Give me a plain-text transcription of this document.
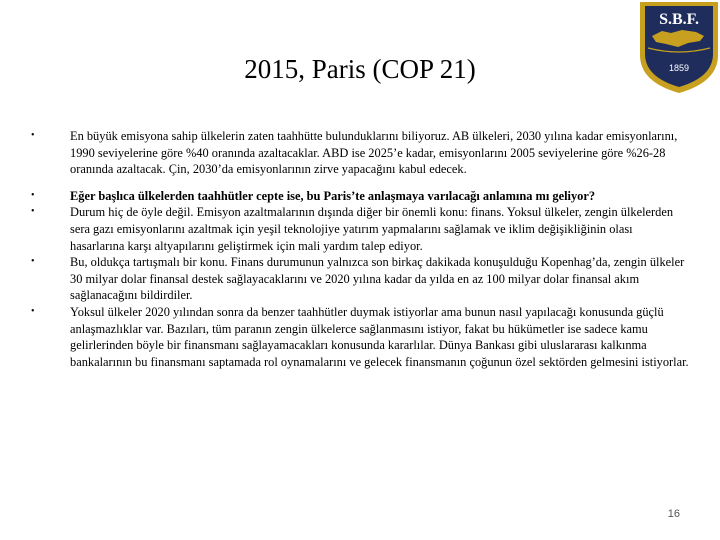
2015, Paris (COP 21)
S.B.F.
1859
•	En büyük emisyona sahip ülkelerin zaten taahhütte bulunduklarını biliyoruz. AB ülkeleri, 2030 yılına kadar emisyonlarını, 1990 seviyelerine göre %40 oranında azaltacaklar. ABD ise 2025’e kadar, emisyonlarını 2005 seviyelerine göre %26-28 oranında azaltacak. Çin, 2030’da emisyonlarının zirve yapacağını kabul edecek.
•	Eğer başlıca ülkelerden taahhütler cepte ise, bu Paris’te anlaşmaya varılacağı anlamına mı geliyor?
•	Durum hiç de öyle değil. Emisyon azaltmalarının dışında diğer bir önemli konu: finans. Yoksul ülkeler, zengin ülkelerden sera gazı emisyonlarını azaltmak için yeşil teknolojiye yatırım yapmalarını sağlamak ve iklim değişikliğinin olası hasarlarına karşı altyapılarını geliştirmek için mali yardım talep ediyor.
•	Bu, oldukça tartışmalı bir konu. Finans durumunun yalnızca son birkaç dakikada konuşulduğu Kopenhag’da, zengin ülkeler 30 milyar dolar finansal destek sağlayacaklarını ve 2020 yılına kadar da yılda en az 100 milyar dolar finansal akım sağlanacağını bildirdiler.
•	Yoksul ülkeler 2020 yılından sonra da benzer taahhütler duymak istiyorlar ama bunun nasıl yapılacağı konusunda güçlü anlaşmazlıklar var. Bazıları, tüm paranın zengin ülkelerce sağlanmasını istiyor, fakat bu hükümetler ise sadece kamu gelirlerinden böyle bir finansmanı sağlayamacakları konusunda kararlılar. Dünya Bankası gibi uluslararası kalkınma bankalarının bu finansmanı saptamada rol oynamalarını ve gelecek finansmanın çoğunun özel sektörden gelmesini istiyorlar.
16
